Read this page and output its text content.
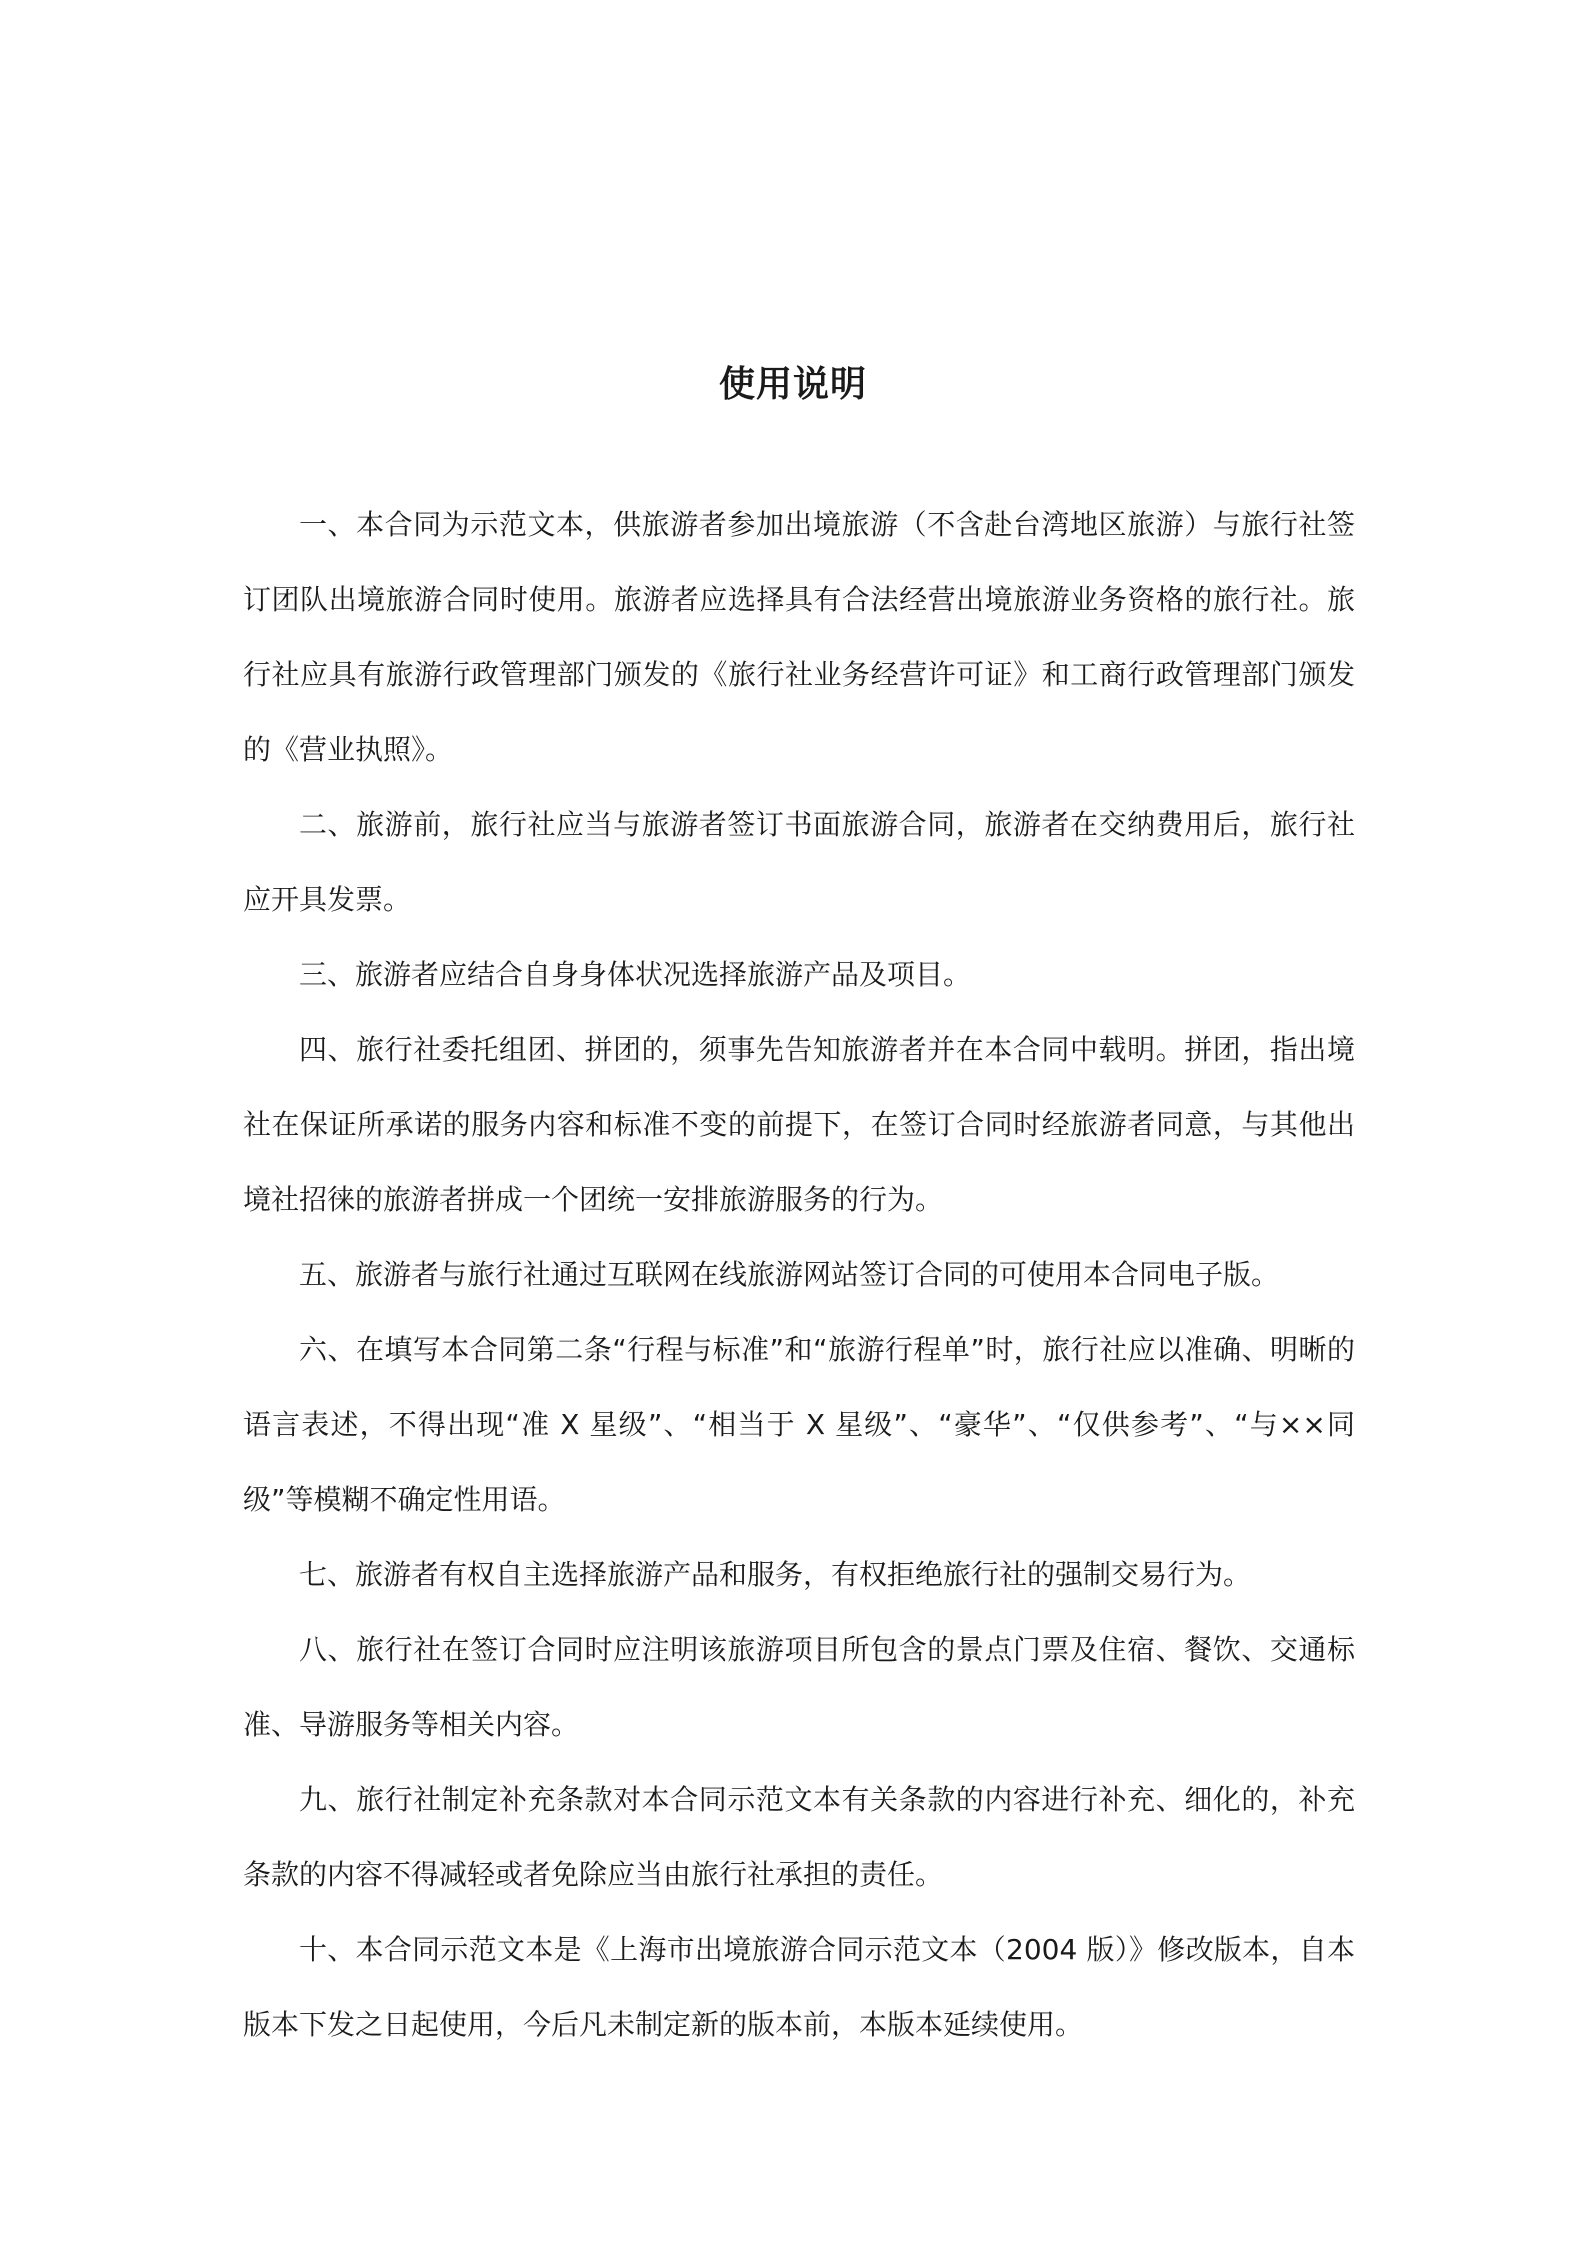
使用说明

一、本合同为示范文本，供旅游者参加出境旅游（不含赴台湾地区旅游）与旅行社签订团队出境旅游合同时使用。旅游者应选择具有合法经营出境旅游业务资格的旅行社。旅行社应具有旅游行政管理部门颁发的《旅行社业务经营许可证》和工商行政管理部门颁发的《营业执照》。

二、旅游前，旅行社应当与旅游者签订书面旅游合同，旅游者在交纳费用后，旅行社应开具发票。

三、旅游者应结合自身身体状况选择旅游产品及项目。

四、旅行社委托组团、拼团的，须事先告知旅游者并在本合同中载明。拼团，指出境社在保证所承诺的服务内容和标准不变的前提下，在签订合同时经旅游者同意，与其他出境社招徕的旅游者拼成一个团统一安排旅游服务的行为。

五、旅游者与旅行社通过互联网在线旅游网站签订合同的可使用本合同电子版。

六、在填写本合同第二条“行程与标准”和“旅游行程单”时，旅行社应以准确、明晰的语言表述，不得出现“准 X 星级”、“相当于 X 星级”、“豪华”、“仅供参考”、“与××同级”等模糊不确定性用语。

七、旅游者有权自主选择旅游产品和服务，有权拒绝旅行社的强制交易行为。

八、旅行社在签订合同时应注明该旅游项目所包含的景点门票及住宿、餐饮、交通标准、导游服务等相关内容。

九、旅行社制定补充条款对本合同示范文本有关条款的内容进行补充、细化的，补充条款的内容不得减轻或者免除应当由旅行社承担的责任。

十、本合同示范文本是《上海市出境旅游合同示范文本（2004 版）》修改版本，自本版本下发之日起使用，今后凡未制定新的版本前，本版本延续使用。
